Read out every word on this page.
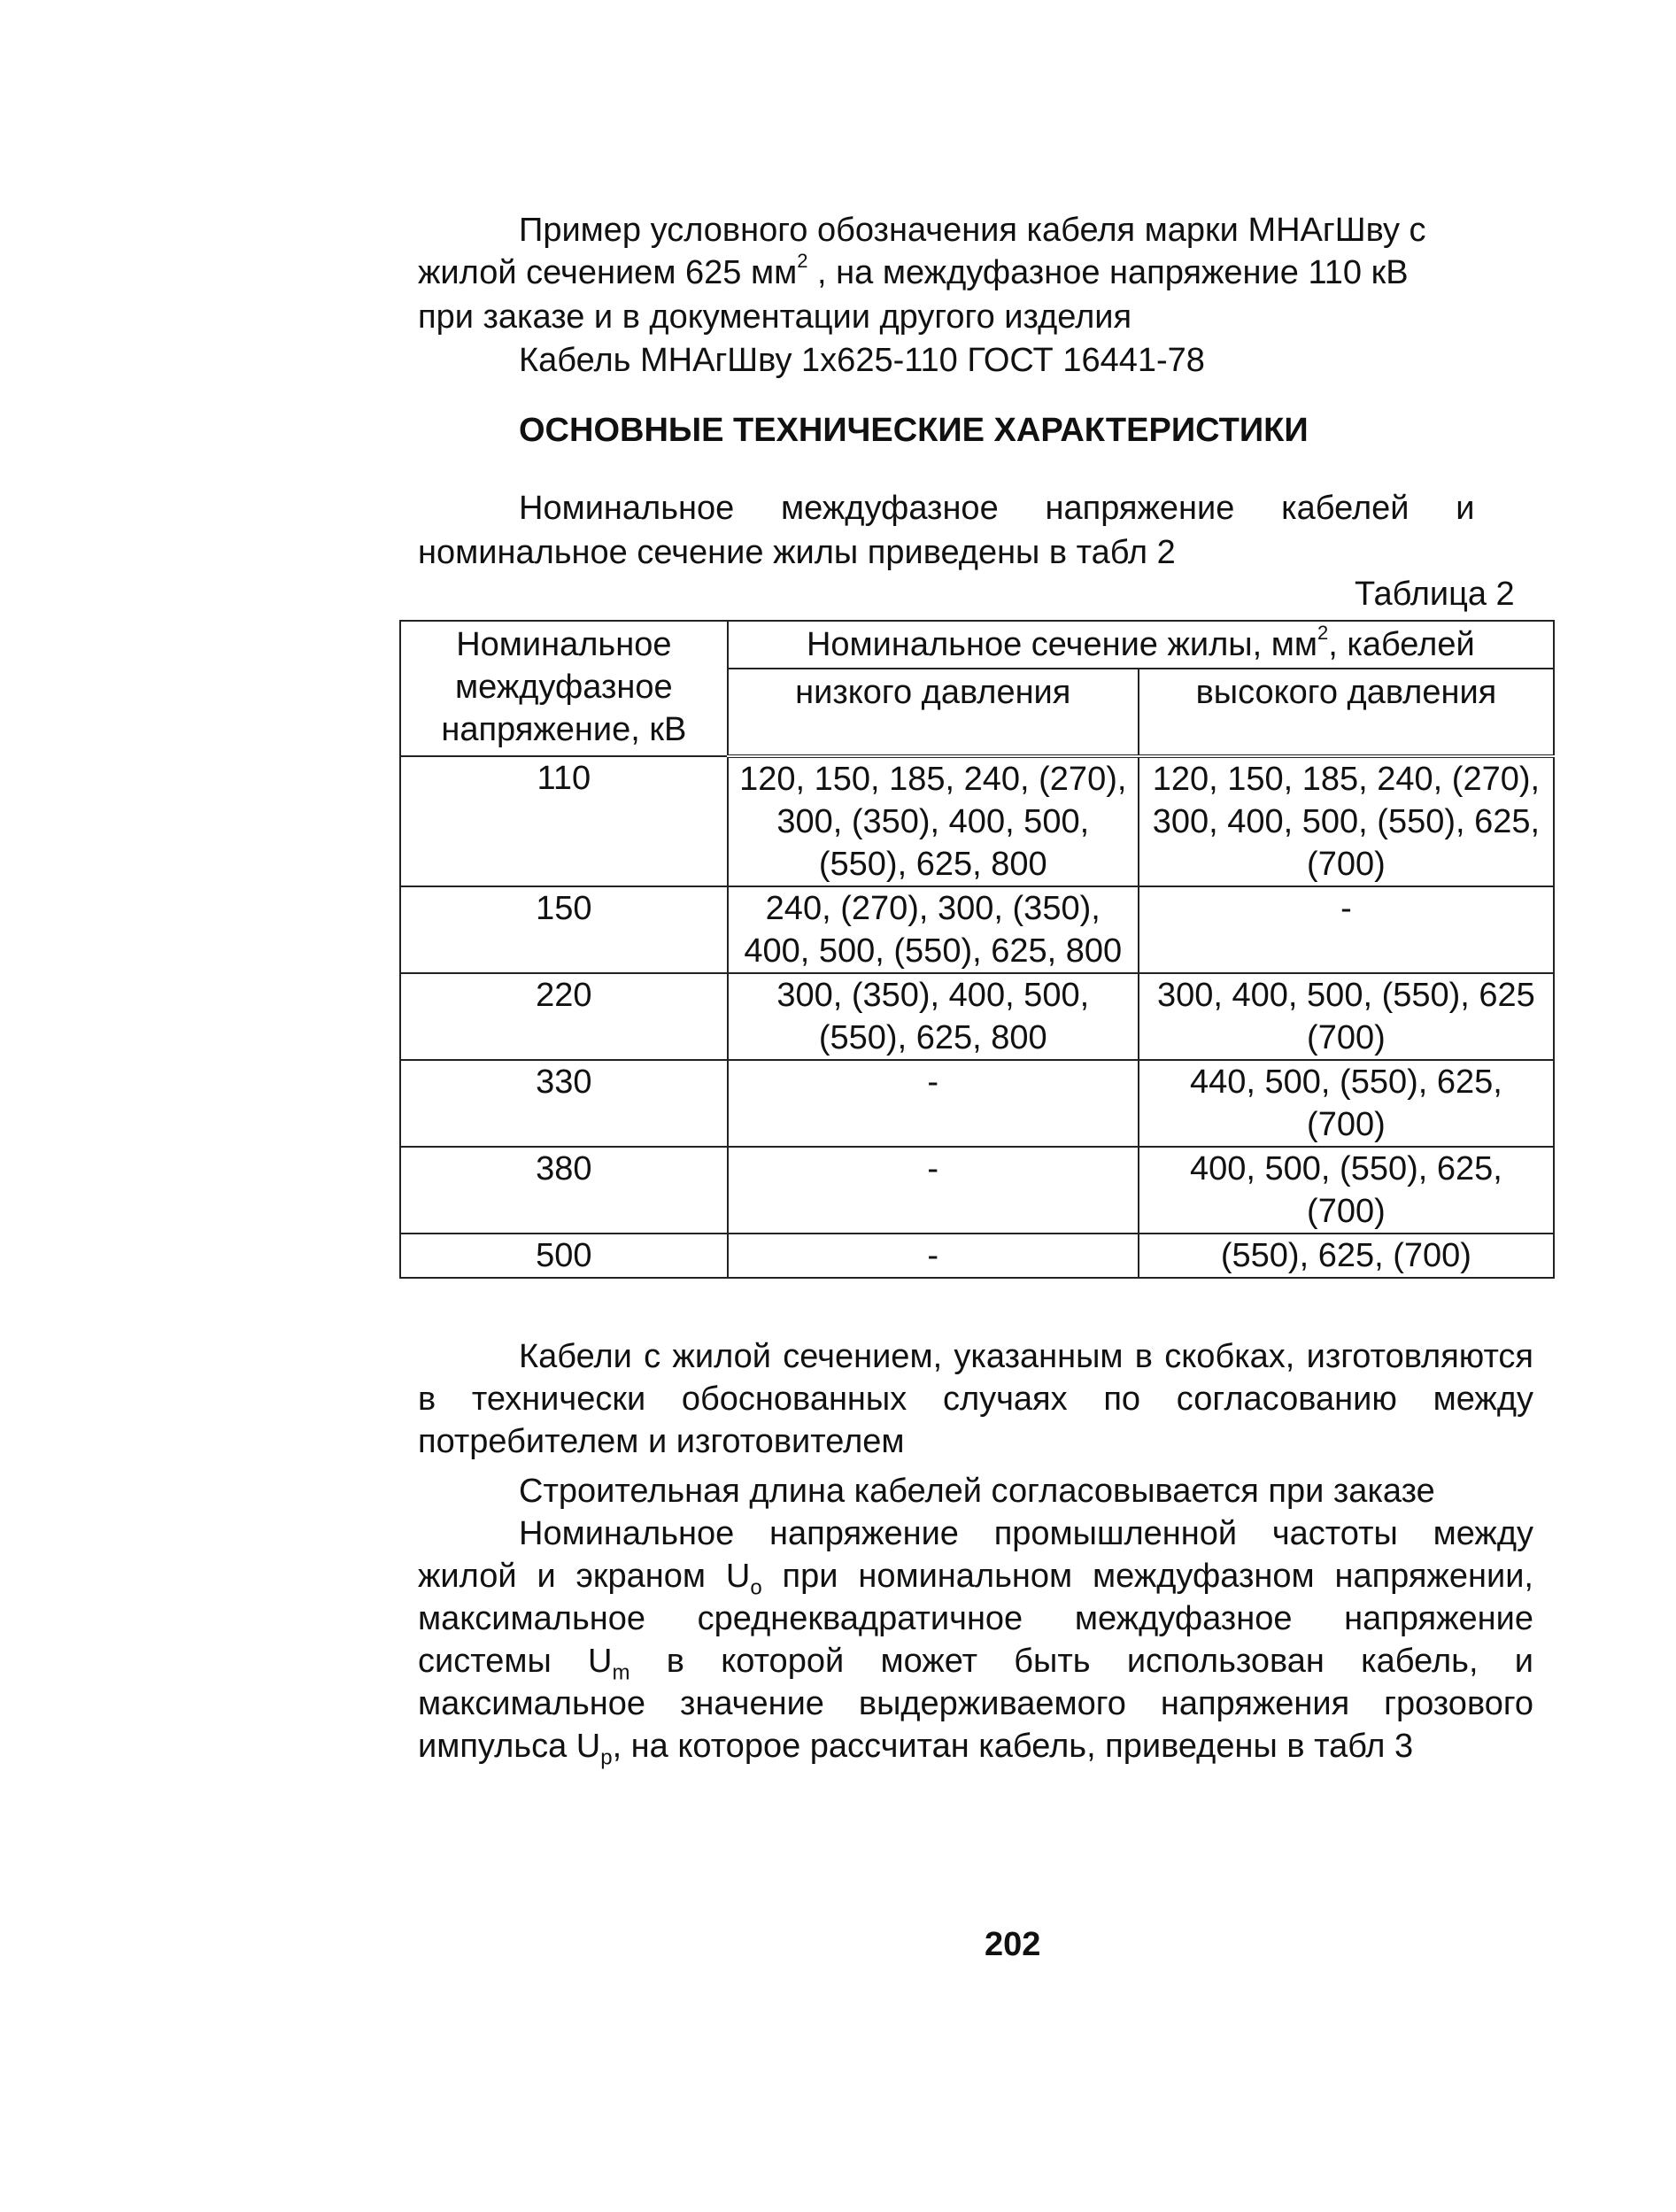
Пример условного обозначения кабеля марки МНАгШву с
жилой сечением 625 $мм^2$ , на междуфазное напряжение 110 кВ
при заказе и в документации другого изделия
Кабель МНАгШву 1х625-110 ГОСТ 16441-78
ОСНОВНЫЕ ТЕХНИЧЕСКИЕ ХАРАКТЕРИСТИКИ
Номинальное     междуфазное     напряжение     кабелей     и
номинальное сечение жилы приведены в табл 2
Таблица 2
Номинальное междуфазное напряжение, кВ	Номинальное сечение жилы, $мм^2$, кабелей	
	низкого давления	высокого давления
110	120, 150, 185, 240, (270), 300, (350), 400, 500, (550), 625, 800	120, 150, 185, 240, (270), 300, 400, 500, (550), 625, (700)
150	240, (270), 300, (350), 400, 500, (550), 625, 800	-
220	300, (350), 400, 500, (550), 625, 800	300, 400, 500, (550), 625 (700)
330	-	440, 500, (550), 625, (700)
380	-	400, 500, (550), 625, (700)
500	-	(550), 625, (700)
Кабели с жилой сечением, указанным в скобках, изготовляются в технически обоснованных случаях по согласованию между потребителем и изготовителем
Строительная длина кабелей согласовывается при заказе
Номинальное напряжение промышленной частоты между жилой и экраном $U_o$ при номинальном междуфазном напряжении, максимальное среднеквадратичное междуфазное напряжение системы $U_m$ в которой может быть использован кабель, и максимальное значение выдерживаемого напряжения грозового импульса $U_p$, на которое рассчитан кабель, приведены в табл 3
202
